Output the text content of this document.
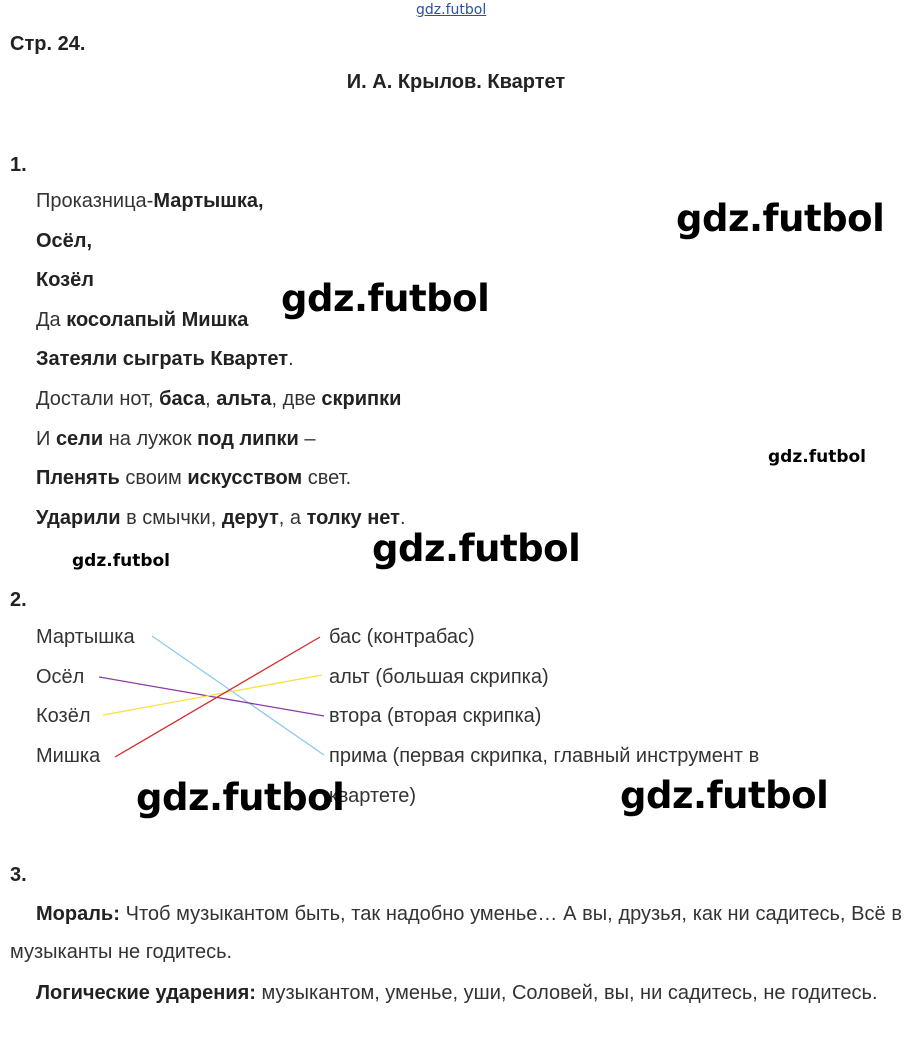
gdz.futbol
Стр. 24.
И. А. Крылов. Квартет
1.
Проказница-Мартышка,
Осёл,
Козёл
Да косолапый Мишка
Затеяли сыграть Квартет.
Достали нот, баса, альта, две скрипки
И сели на лужок под липки –
Пленять своим искусством свет.
Ударили в смычки, дерут, а толку нет.
2.
Мартышка
Осёл
Козёл
Мишка
бас (контрабас)
альт (большая скрипка)
втора (вторая скрипка)
прима (первая скрипка, главный инструмент в
квартете)
3.
Мораль: Чтоб музыкантом быть, так надобно уменье… А вы, друзья, как ни садитесь, Всё в музыканты не годитесь.
Логические ударения: музыкантом, уменье, уши, Соловей, вы, ни садитесь, не годитесь.
gdz.futbol
gdz.futbol
gdz.futbol
gdz.futbol
gdz.futbol
gdz.futbol	gdz.futbol
